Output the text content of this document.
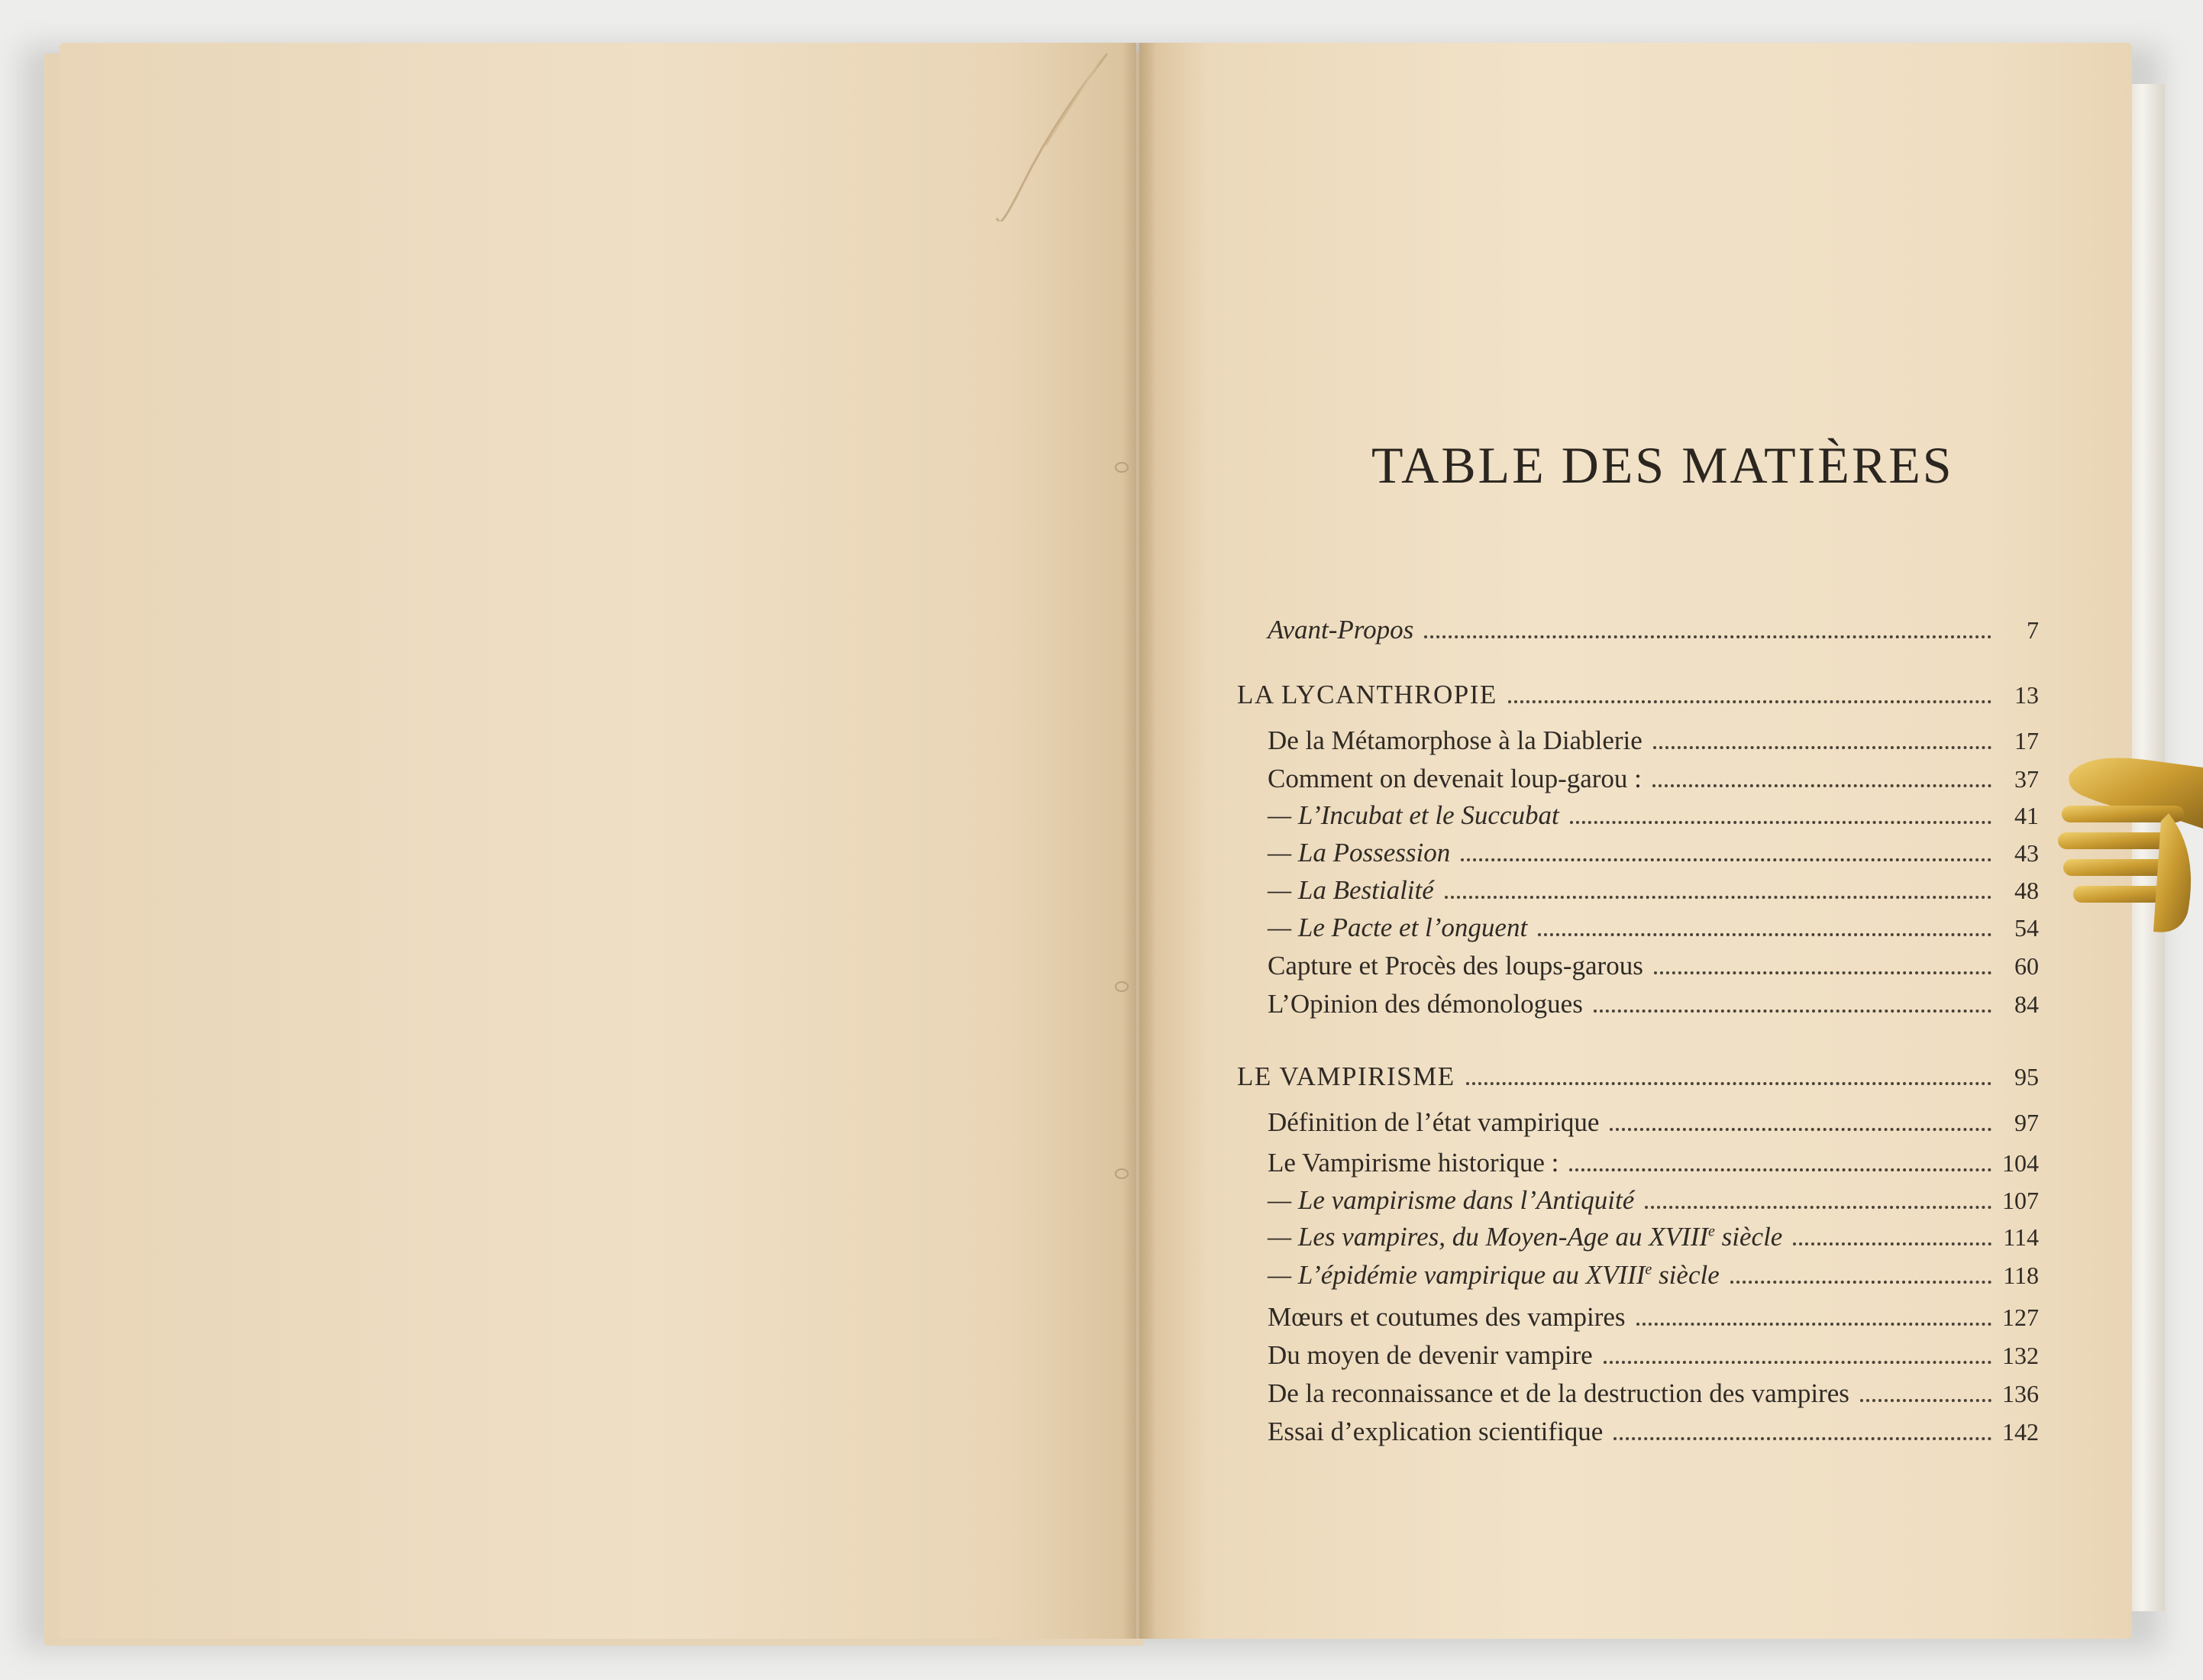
TABLE DES MATIÈRES
Avant-Propos	7
LA LYCANTHROPIE	13
De la Métamorphose à la Diablerie	17
Comment on devenait loup-garou :	37
— L’Incubat et le Succubat	41
— La Possession	43
— La Bestialité	48
— Le Pacte et l’onguent	54
Capture et Procès des loups-garous	60
L’Opinion des démonologues	84
LE VAMPIRISME	95
Définition de l’état vampirique	97
Le Vampirisme historique :	104
— Le vampirisme dans l’Antiquité	107
— Les vampires, du Moyen-Age au XVIIIe siècle	114
— L’épidémie vampirique au XVIIIe siècle	118
Mœurs et coutumes des vampires	127
Du moyen de devenir vampire	132
De la reconnaissance et de la destruction des vampires	136
Essai d’explication scientifique	142
